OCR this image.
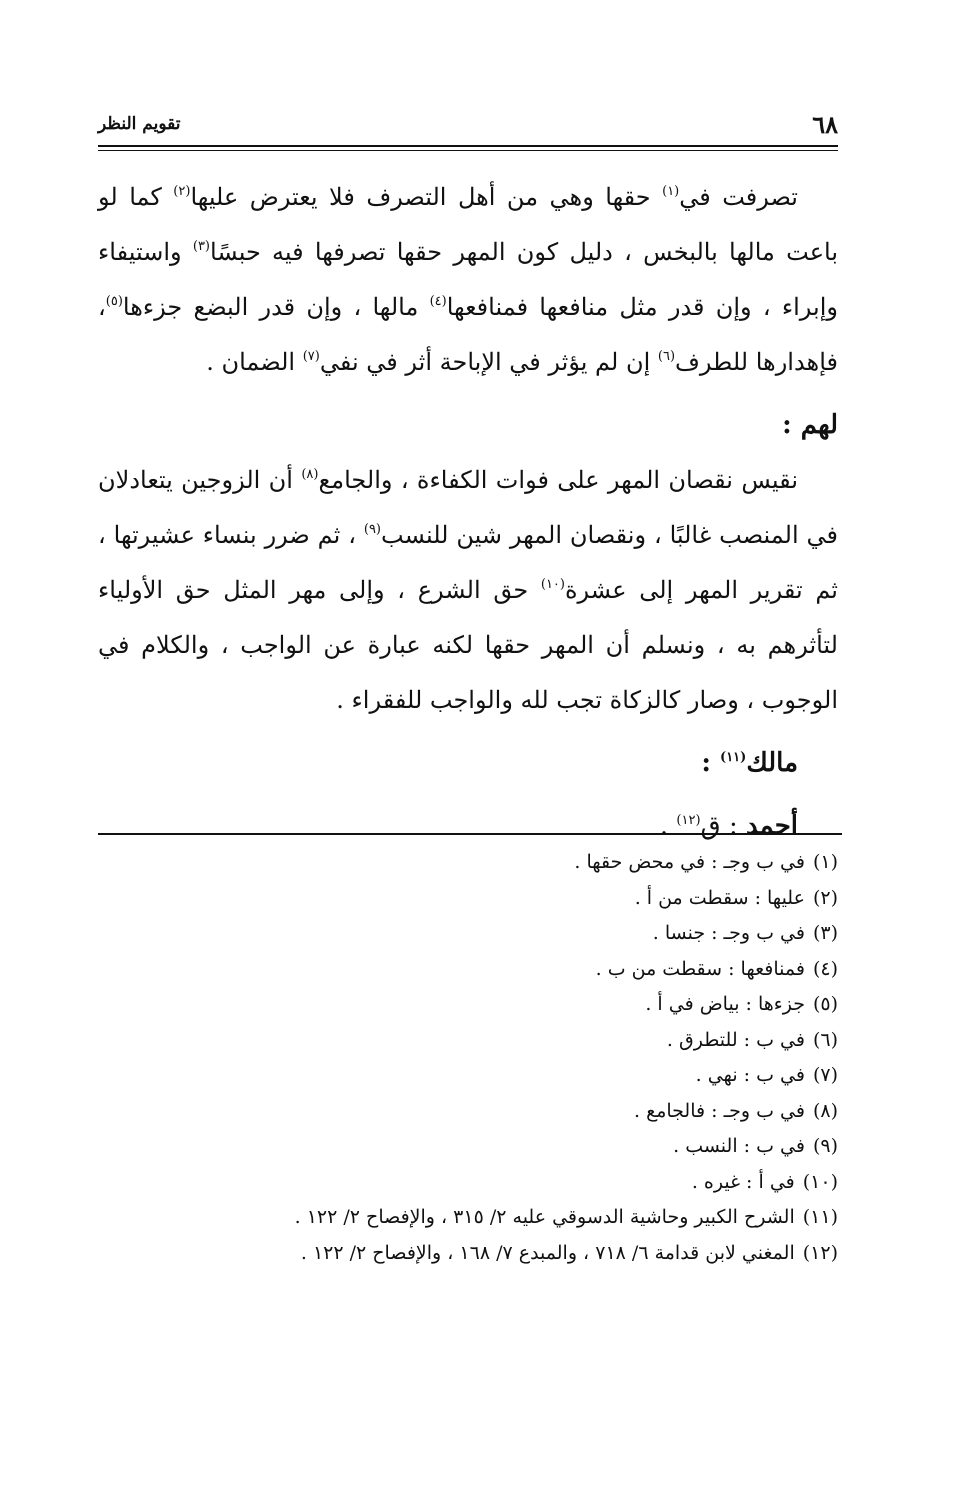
٦٨
تقويم النظر

تصرفت في$^{(١)}$ حقها وهي من أهل التصرف فلا يعترض عليها$^{(٢)}$ كما لو باعت مالها بالبخس ، دليل كون المهر حقها تصرفها فيه حبسًا$^{(٣)}$ واستيفاء وإبراء ، وإن قدر مثل منافعها فمنافعها$^{(٤)}$ مالها ، وإن قدر البضع جزءها$^{(٥)}$، فإهدارها للطرف$^{(٦)}$ إن لم يؤثر في الإباحة أثر في نفي$^{(٧)}$ الضمان .

لهم :

نقيس نقصان المهر على فوات الكفاءة ، والجامع$^{(٨)}$ أن الزوجين يتعادلان في المنصب غالبًا ، ونقصان المهر شين للنسب$^{(٩)}$ ، ثم ضرر بنساء عشيرتها ، ثم تقرير المهر إلى عشرة$^{(١٠)}$ حق الشرع ، وإلى مهر المثل حق الأولياء لتأثرهم به ، ونسلم أن المهر حقها لكنه عبارة عن الواجب ، والكلام في الوجوب ، وصار كالزكاة تجب لله والواجب للفقراء .

مالك$^{(١١)}$ :

أحمد : ق$^{(١٢)}$ .

(١)في ب وجـ : في محض حقها .
(٢)عليها : سقطت من أ .
(٣)في ب وجـ : جنسا .
(٤)فمنافعها : سقطت من ب .
(٥)جزءها : بياض في أ .
(٦)في ب : للتطرق .
(٧)في ب : نهي .
(٨)في ب وجـ : فالجامع .
(٩)في ب : النسب .
(١٠)في أ : غيره .
(١١)الشرح الكبير وحاشية الدسوقي عليه ٢/ ٣١٥ ، والإفصاح ٢/ ١٢٢ .
(١٢)المغني لابن قدامة ٦/ ٧١٨ ، والمبدع ٧/ ١٦٨ ، والإفصاح ٢/ ١٢٢ .
